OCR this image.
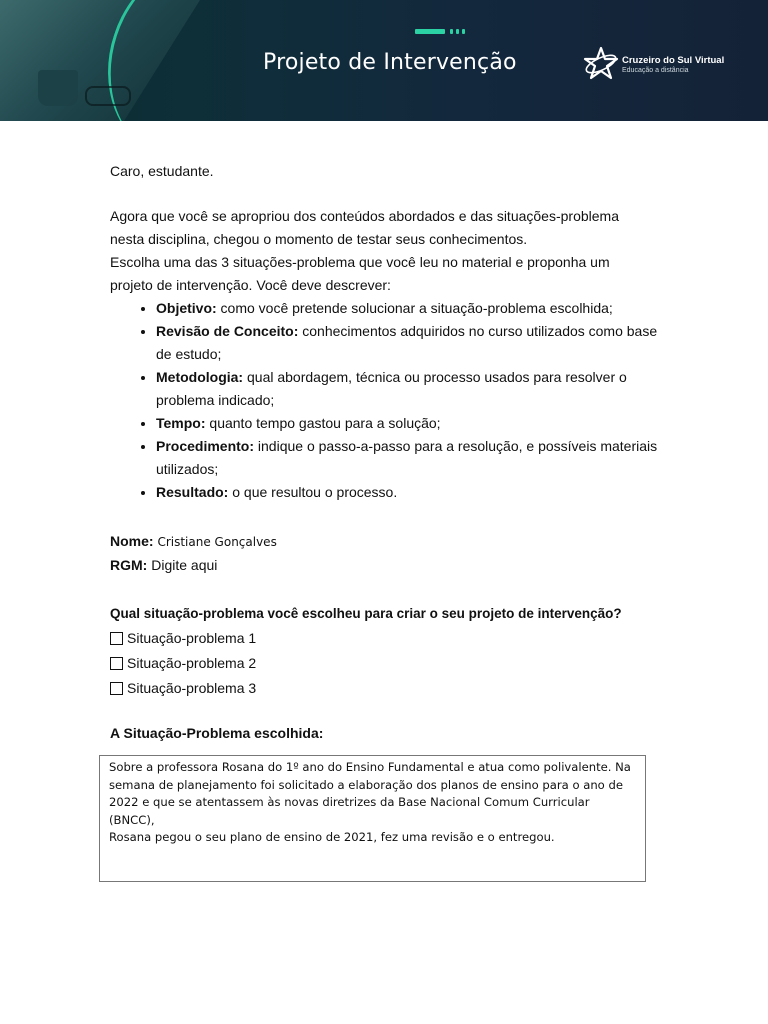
Projeto de Intervenção	Cruzeiro do Sul Virtual
Educação a distância

Caro, estudante.

Agora que você se apropriou dos conteúdos abordados e das situações-problema

nesta disciplina, chegou o momento de testar seus conhecimentos.

Escolha uma das 3 situações-problema que você leu no material e proponha um

projeto de intervenção. Você deve descrever:

• Objetivo: como você pretende solucionar a situação-problema escolhida;
• Revisão de Conceito: conhecimentos adquiridos no curso utilizados como base de estudo;
• Metodologia: qual abordagem, técnica ou processo usados para resolver o problema indicado;
• Tempo: quanto tempo gastou para a solução;
• Procedimento: indique o passo-a-passo para a resolução, e possíveis materiais utilizados;
• Resultado: o que resultou o processo.

Nome: Cristiane Gonçalves

RGM: Digite aqui

Qual situação-problema você escolheu para criar o seu projeto de intervenção?

Situação-problema 1
Situação-problema 2
Situação-problema 3

A Situação-Problema escolhida:

Sobre a professora Rosana do 1º ano do Ensino Fundamental e atua como polivalente. Na
semana de planejamento foi solicitado a elaboração dos planos de ensino para o ano de
2022 e que se atentassem às novas diretrizes da Base Nacional Comum Curricular (BNCC),
Rosana pegou o seu plano de ensino de 2021, fez uma revisão e o entregou.
